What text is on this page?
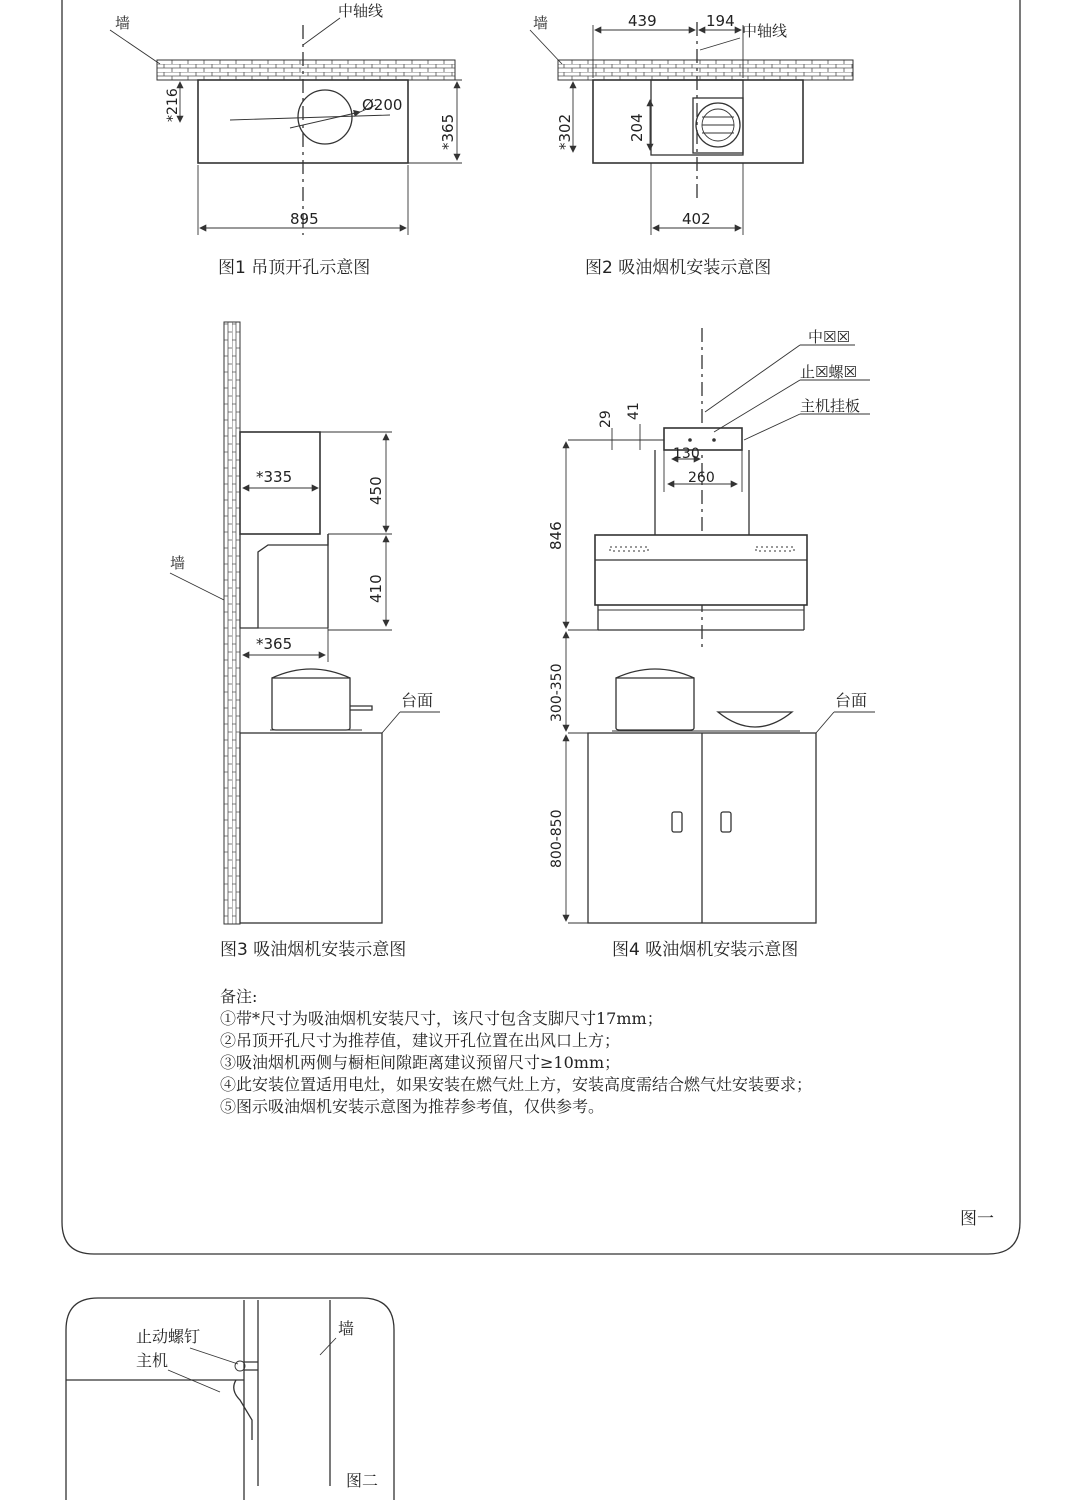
墙
中轴线
Ø200
*216
*365
895
图1 吊顶开孔示意图
墙	中轴线
439	194
*302	204
402
图2 吸油烟机安装示意图
墙
台面
*335
*365
450
410
图3 吸油烟机安装示意图
中☒☒
止☒螺☒
主机挂板
台面
29 41
130
260
846
300-350
800-850
图4 吸油烟机安装示意图
图一
止动螺钉
主机
墙
图二
备注:
①带*尺寸为吸油烟机安装尺寸，该尺寸包含支脚尺寸17mm；
②吊顶开孔尺寸为推荐值，建议开孔位置在出风口上方；
③吸油烟机两侧与橱柜间隙距离建议预留尺寸≥10mm；
④此安装位置适用电灶，如果安装在燃气灶上方，安装高度需结合燃气灶安装要求；
⑤图示吸油烟机安装示意图为推荐参考值，仅供参考。
